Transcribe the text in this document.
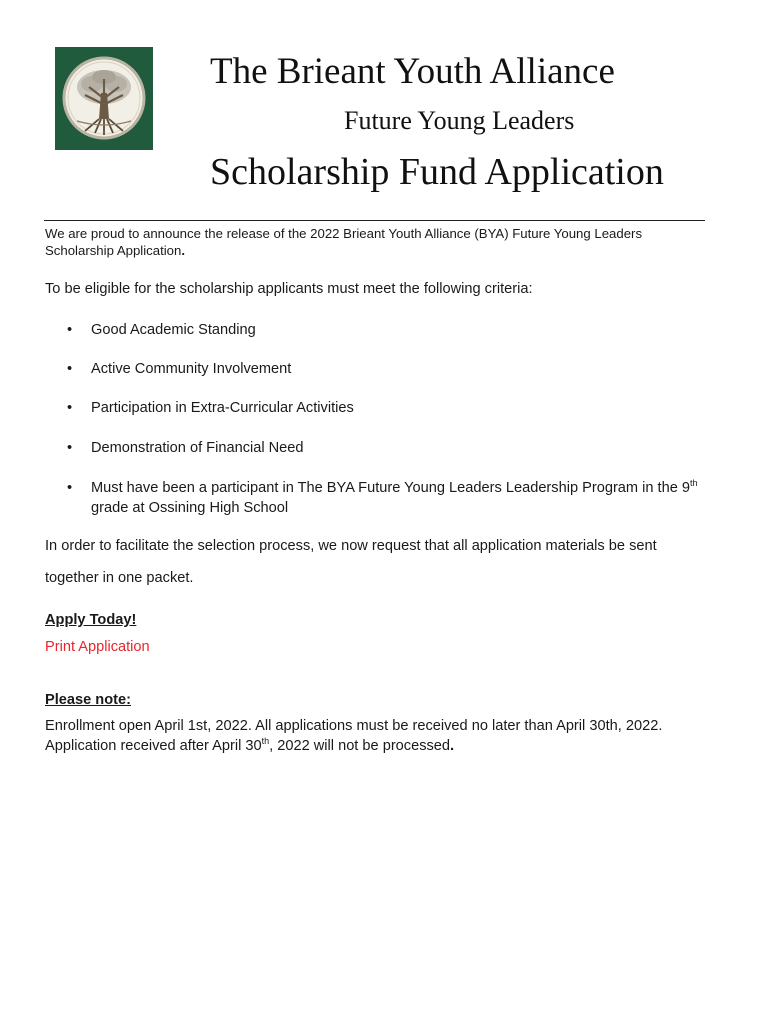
The Brieant Youth Alliance
Future Young Leaders
Scholarship Fund Application
We are proud to announce the release of the 2022 Brieant Youth Alliance (BYA) Future Young Leaders Scholarship Application.
To be eligible for the scholarship applicants must meet the following criteria:
• Good Academic Standing
• Active Community Involvement
• Participation in Extra-Curricular Activities
• Demonstration of Financial Need
• Must have been a participant in The BYA Future Young Leaders Leadership Program in the 9th
grade at Ossining High School
In order to facilitate the selection process, we now request that all application materials be sent
together in one packet.
Apply Today!
Print Application
Please note:
Enrollment open April 1st, 2022. All applications must be received no later than April 30th, 2022.
Application received after April 30th, 2022 will not be processed.
